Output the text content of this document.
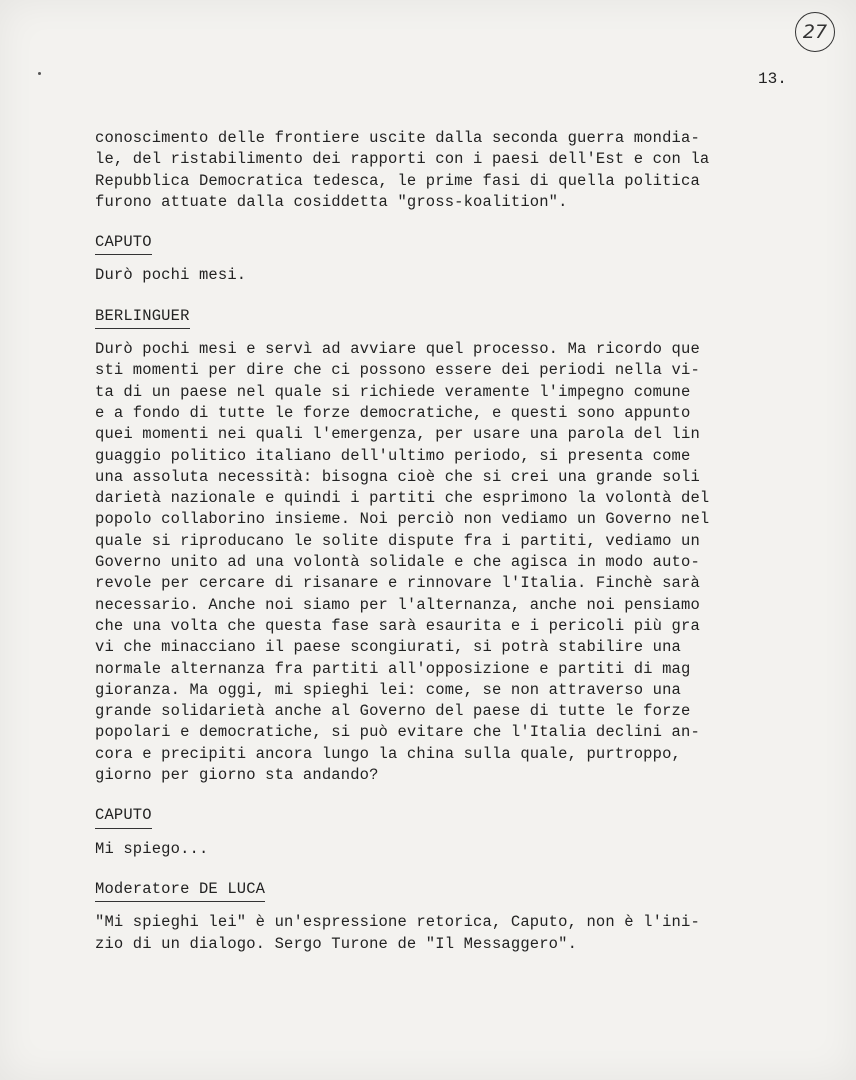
27
13.
conoscimento delle frontiere uscite dalla seconda guerra mondia-
le, del ristabilimento dei rapporti con i paesi dell'Est e con la
Repubblica Democratica tedesca, le prime fasi di quella politica
furono attuate dalla cosiddetta "gross-koalition".
CAPUTO
Durò pochi mesi.
BERLINGUER
Durò pochi mesi e servì ad avviare quel processo. Ma ricordo que
sti momenti per dire che ci possono essere dei periodi nella vi-
ta di un paese nel quale si richiede veramente l'impegno comune
e a fondo di tutte le forze democratiche, e questi sono appunto
quei momenti nei quali l'emergenza, per usare una parola del lin
guaggio politico italiano dell'ultimo periodo, si presenta come
una assoluta necessità: bisogna cioè che si crei una grande soli
darietà nazionale e quindi i partiti che esprimono la volontà del
popolo collaborino insieme. Noi perciò non vediamo un Governo nel
quale si riproducano le solite dispute fra i partiti, vediamo un
Governo unito ad una volontà solidale e che agisca in modo auto-
revole per cercare di risanare e rinnovare l'Italia. Finchè sarà
necessario. Anche noi siamo per l'alternanza, anche noi pensiamo
che una volta che questa fase sarà esaurita e i pericoli più gra
vi che minacciano il paese scongiurati, si potrà stabilire una
normale alternanza fra partiti all'opposizione e partiti di mag
gioranza. Ma oggi, mi spieghi lei: come, se non attraverso una
grande solidarietà anche al Governo del paese di tutte le forze
popolari e democratiche, si può evitare che l'Italia declini an-
cora e precipiti ancora lungo la china sulla quale, purtroppo,
giorno per giorno sta andando?
CAPUTO
Mi spiego...
Moderatore DE LUCA
"Mi spieghi lei" è un'espressione retorica, Caputo, non è l'ini-
zio di un dialogo. Sergo Turone de "Il Messaggero".
